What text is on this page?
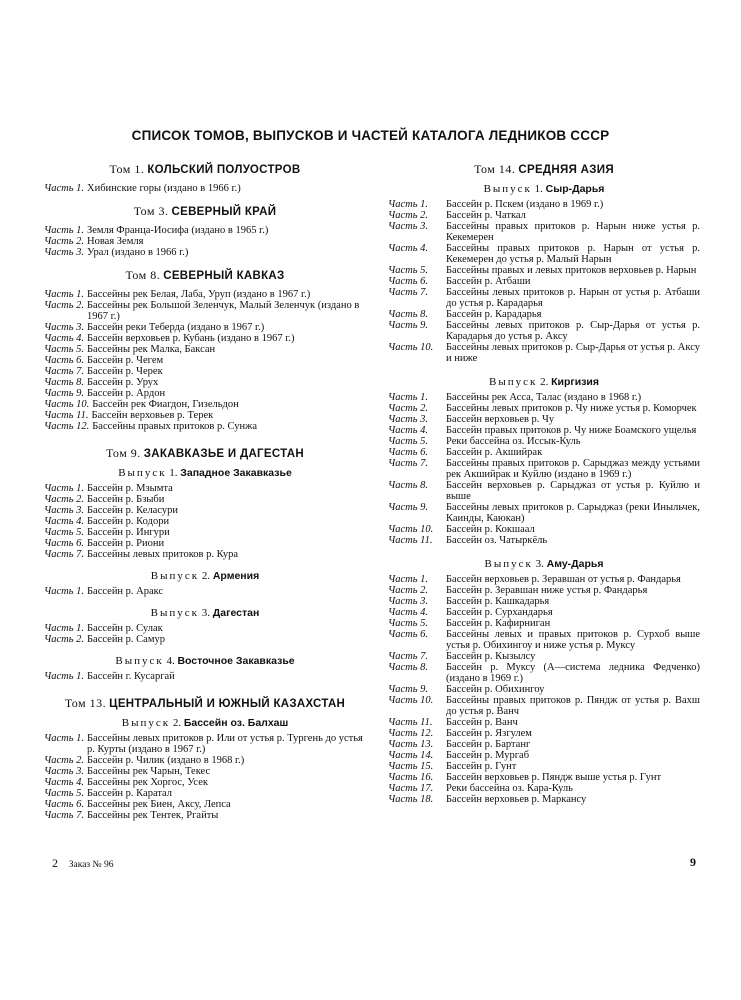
СПИСОК ТОМОВ, ВЫПУСКОВ И ЧАСТЕЙ КАТАЛОГА ЛЕДНИКОВ СССР
Том 1. КОЛЬСКИЙ ПОЛУОСТРОВ
Часть 1. Хибинские горы (издано в 1966 г.)
Том 3. СЕВЕРНЫЙ КРАЙ
Часть 1. Земля Франца-Иосифа (издано в 1965 г.)
Часть 2. Новая Земля
Часть 3. Урал (издано в 1966 г.)
Том 8. СЕВЕРНЫЙ КАВКАЗ
Часть 1. Бассейны рек Белая, Лаба, Уруп (издано в 1967 г.)
Часть 2. Бассейны рек Большой Зеленчук, Малый Зеленчук (издано в 1967 г.)
Часть 3. Бассейн реки Теберда (издано в 1967 г.)
Часть 4. Бассейн верховьев р. Кубань (издано в 1967 г.)
Часть 5. Бассейны рек Малка, Баксан
Часть 6. Бассейн р. Чегем
Часть 7. Бассейн р. Черек
Часть 8. Бассейн р. Урух
Часть 9. Бассейн р. Ардон
Часть 10. Бассейн рек Фиагдон, Гизельдон
Часть 11. Бассейн верховьев р. Терек
Часть 12. Бассейны правых притоков р. Сунжа
Том 9. ЗАКАВКАЗЬЕ И ДАГЕСТАН
Выпуск 1. Западное Закавказье
Часть 1. Бассейн р. Мзымта
Часть 2. Бассейн р. Бзыби
Часть 3. Бассейн р. Келасури
Часть 4. Бассейн р. Кодори
Часть 5. Бассейн р. Ингури
Часть 6. Бассейн р. Риони
Часть 7. Бассейны левых притоков р. Кура
Выпуск 2. Армения
Часть 1. Бассейн р. Аракс
Выпуск 3. Дагестан
Часть 1. Бассейн р. Сулак
Часть 2. Бассейн р. Самур
Выпуск 4. Восточное Закавказье
Часть 1. Бассейн г. Кусаргай
Том 13. ЦЕНТРАЛЬНЫЙ И ЮЖНЫЙ КАЗАХСТАН
Выпуск 2. Бассейн оз. Балхаш
Часть 1. Бассейны левых притоков р. Или от устья р. Тургень до устья р. Курты (издано в 1967 г.)
Часть 2. Бассейн р. Чилик (издано в 1968 г.)
Часть 3. Бассейны рек Чарын, Текес
Часть 4. Бассейны рек Хоргос, Усек
Часть 5. Бассейн р. Каратал
Часть 6. Бассейны рек Биен, Аксу, Лепса
Часть 7. Бассейны рек Тентек, Ргайты
Том 14. СРЕДНЯЯ АЗИЯ
Выпуск 1. Сыр-Дарья
Часть 1.	Бассейн р. Пскем (издано в 1969 г.)
Часть 2.	Бассейн р. Чаткал
Часть 3.	Бассейны правых притоков р. Нарын ниже устья р. Кекемерен
Часть 4.	Бассейны правых притоков р. Нарын от устья р. Кекемерен до устья р. Малый Нарын
Часть 5.	Бассейны правых и левых притоков верховьев р. Нарын
Часть 6.	Бассейн р. Атбаши
Часть 7.	Бассейны левых притоков р. Нарын от устья р. Атбаши до устья р. Карадарья
Часть 8.	Бассейн р. Карадарья
Часть 9.	Бассейны левых притоков р. Сыр-Дарья от устья р. Карадарья до устья р. Аксу
Часть 10.	Бассейны левых притоков р. Сыр-Дарья от устья р. Аксу и ниже
Выпуск 2. Киргизия
Часть 1.	Бассейны рек Асса, Талас (издано в 1968 г.)
Часть 2.	Бассейны левых притоков р. Чу ниже устья р. Коморчек
Часть 3.	Бассейн верховьев р. Чу
Часть 4.	Бассейн правых притоков р. Чу ниже Боамского ущелья
Часть 5.	Реки бассейна оз. Иссык-Куль
Часть 6.	Бассейн р. Акшийрак
Часть 7.	Бассейны правых притоков р. Сарыджаз между устьями рек Акшийрак и Куйлю (издано в 1969 г.)
Часть 8.	Бассейн верховьев р. Сарыджаз от устья р. Куйлю и выше
Часть 9.	Бассейны левых притоков р. Сарыджаз (реки Иныльчек, Каинды, Каюкан)
Часть 10.	Бассейн р. Кокшаал
Часть 11.	Бассейн оз. Чатыркёль
Выпуск 3. Аму-Дарья
Часть 1.	Бассейн верховьев р. Зеравшан от устья р. Фандарья
Часть 2.	Бассейн р. Зеравшан ниже устья р. Фандарья
Часть 3.	Бассейн р. Кашкадарья
Часть 4.	Бассейн р. Сурхандарья
Часть 5.	Бассейн р. Кафирниган
Часть 6.	Бассейны левых и правых притоков р. Сурхоб выше устья р. Обихингоу и ниже устья р. Муксу
Часть 7.	Бассейн р. Кызылсу
Часть 8.	Бассейн р. Муксу (А—система ледника Федченко) (издано в 1969 г.)
Часть 9.	Бассейн р. Обихингоу
Часть 10.	Бассейны правых притоков р. Пяндж от устья р. Вахш до устья р. Ванч
Часть 11.	Бассейн р. Ванч
Часть 12.	Бассейн р. Язгулем
Часть 13.	Бассейн р. Бартанг
Часть 14.	Бассейн р. Мургаб
Часть 15.	Бассейн р. Гунт
Часть 16.	Бассейн верховьев р. Пяндж выше устья р. Гунт
Часть 17.	Реки бассейна оз. Кара-Куль
Часть 18.	Бассейн верховьев р. Маркансу
2 Заказ № 96	9
